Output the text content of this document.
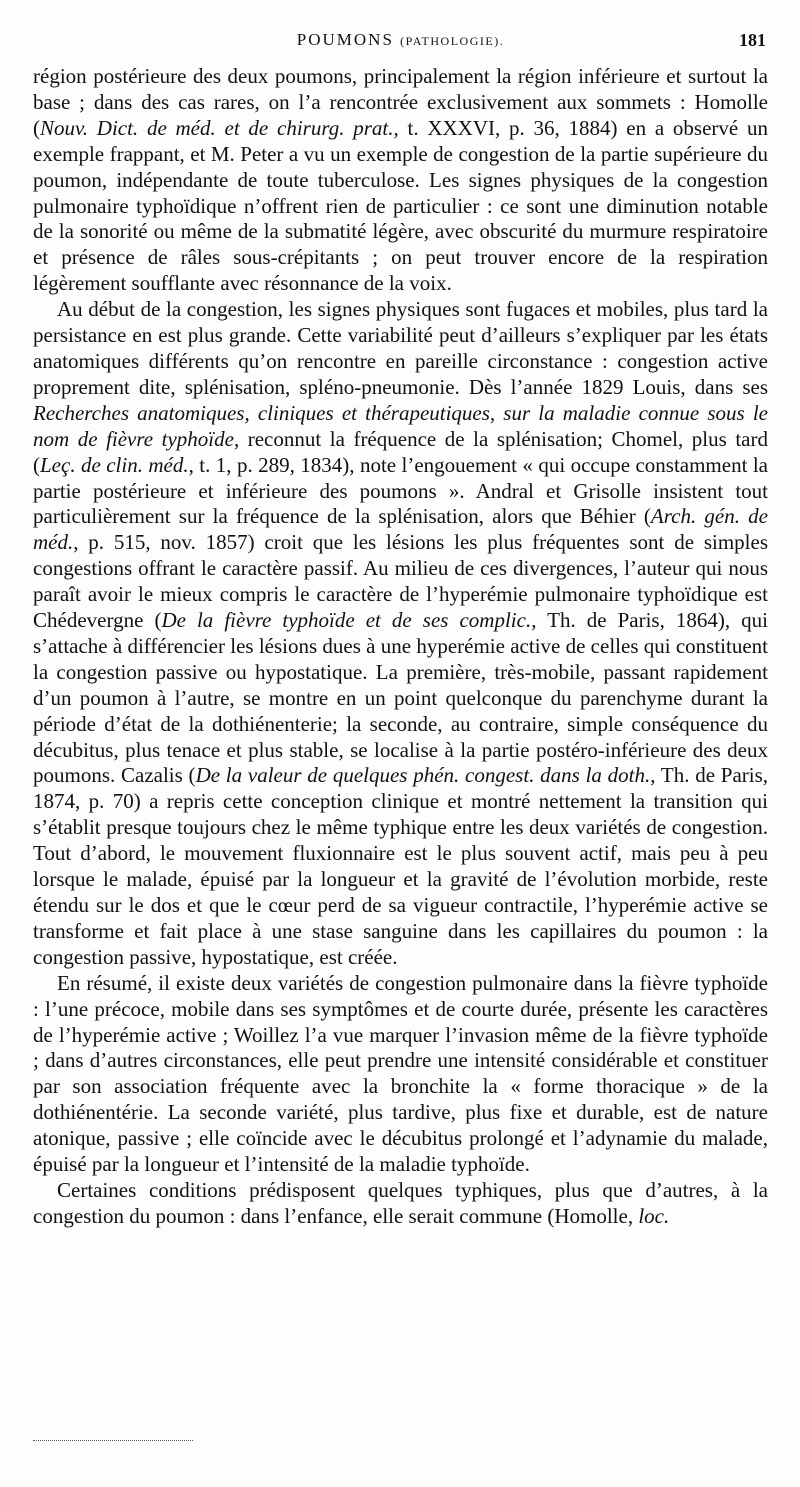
POUMONS (PATHOLOGIE).	181

région postérieure des deux poumons, principalement la région inférieure et surtout la base ; dans des cas rares, on l’a rencontrée exclusivement aux sommets : Homolle (Nouv. Dict. de méd. et de chirurg. prat., t. XXXVI, p. 36, 1884) en a observé un exemple frappant, et M. Peter a vu un exemple de congestion de la partie supérieure du poumon, indépendante de toute tuberculose. Les signes physiques de la congestion pulmonaire typhoïdique n’offrent rien de particulier : ce sont une diminution notable de la sonorité ou même de la submatité légère, avec obscurité du murmure respiratoire et présence de râles sous-crépitants ; on peut trouver encore de la respiration légèrement soufflante avec résonnance de la voix.

Au début de la congestion, les signes physiques sont fugaces et mobiles, plus tard la persistance en est plus grande. Cette variabilité peut d’ailleurs s’expliquer par les états anatomiques différents qu’on rencontre en pareille circonstance : congestion active proprement dite, splénisation, spléno-pneumonie. Dès l’année 1829 Louis, dans ses Recherches anatomiques, cliniques et thérapeutiques, sur la maladie connue sous le nom de fièvre typhoïde, reconnut la fréquence de la splénisation; Chomel, plus tard (Leç. de clin. méd., t. 1, p. 289, 1834), note l’engouement « qui occupe constamment la partie postérieure et inférieure des poumons ». Andral et Grisolle insistent tout particulièrement sur la fréquence de la splénisation, alors que Béhier (Arch. gén. de méd., p. 515, nov. 1857) croit que les lésions les plus fréquentes sont de simples congestions offrant le caractère passif. Au milieu de ces divergences, l’auteur qui nous paraît avoir le mieux compris le caractère de l’hyperémie pulmonaire typhoïdique est Chédevergne (De la fièvre typhoïde et de ses complic., Th. de Paris, 1864), qui s’attache à différencier les lésions dues à une hyperémie active de celles qui constituent la congestion passive ou hypostatique. La première, très-mobile, passant rapidement d’un poumon à l’autre, se montre en un point quelconque du parenchyme durant la période d’état de la dothiénenterie; la seconde, au contraire, simple conséquence du décubitus, plus tenace et plus stable, se localise à la partie postéro-inférieure des deux poumons. Cazalis (De la valeur de quelques phén. congest. dans la doth., Th. de Paris, 1874, p. 70) a repris cette conception clinique et montré nettement la transition qui s’établit presque toujours chez le même typhique entre les deux variétés de congestion. Tout d’abord, le mouvement fluxionnaire est le plus souvent actif, mais peu à peu lorsque le malade, épuisé par la longueur et la gravité de l’évolution morbide, reste étendu sur le dos et que le cœur perd de sa vigueur contractile, l’hyperémie active se transforme et fait place à une stase sanguine dans les capillaires du poumon : la congestion passive, hypostatique, est créée.

En résumé, il existe deux variétés de congestion pulmonaire dans la fièvre typhoïde : l’une précoce, mobile dans ses symptômes et de courte durée, présente les caractères de l’hyperémie active ; Woillez l’a vue marquer l’invasion même de la fièvre typhoïde ; dans d’autres circonstances, elle peut prendre une intensité considérable et constituer par son association fréquente avec la bronchite la « forme thoracique » de la dothiénentérie. La seconde variété, plus tardive, plus fixe et durable, est de nature atonique, passive ; elle coïncide avec le décubitus prolongé et l’adynamie du malade, épuisé par la longueur et l’intensité de la maladie typhoïde.

Certaines conditions prédisposent quelques typhiques, plus que d’autres, à la congestion du poumon : dans l’enfance, elle serait commune (Homolle, loc.
